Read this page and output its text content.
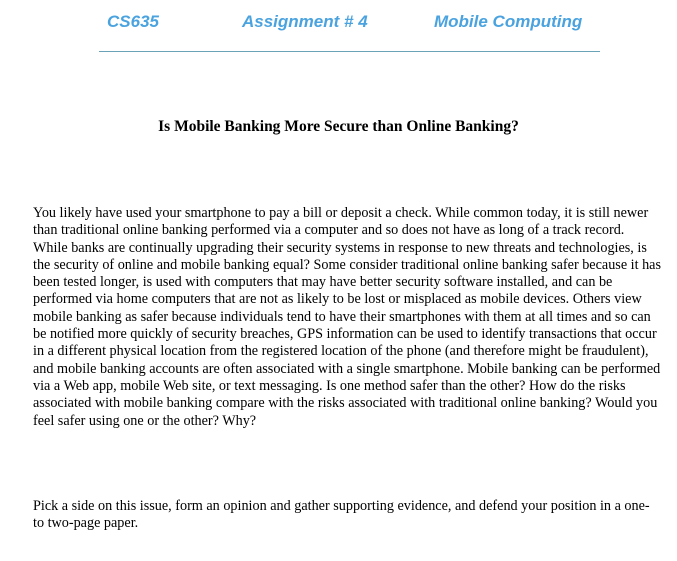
CS635	Assignment # 4	Mobile Computing
Is Mobile Banking More Secure than Online Banking?

You likely have used your smartphone to pay a bill or deposit a check. While common today, it is still newer than traditional online banking performed via a computer and so does not have as long of a track record. While banks are continually upgrading their security systems in response to new threats and technologies, is the security of online and mobile banking equal? Some consider traditional online banking safer because it has been tested longer, is used with computers that may have better security software installed, and can be performed via home computers that are not as likely to be lost or misplaced as mobile devices. Others view mobile banking as safer because individuals tend to have their smartphones with them at all times and so can be notified more quickly of security breaches, GPS information can be used to identify transactions that occur in a different physical location from the registered location of the phone (and therefore might be fraudulent), and mobile banking accounts are often associated with a single smartphone. Mobile banking can be performed via a Web app, mobile Web site, or text messaging. Is one method safer than the other? How do the risks associated with mobile banking compare with the risks associated with traditional online banking? Would you feel safer using one or the other? Why?

Pick a side on this issue, form an opinion and gather supporting evidence, and defend your position in a one- to two-page paper.
